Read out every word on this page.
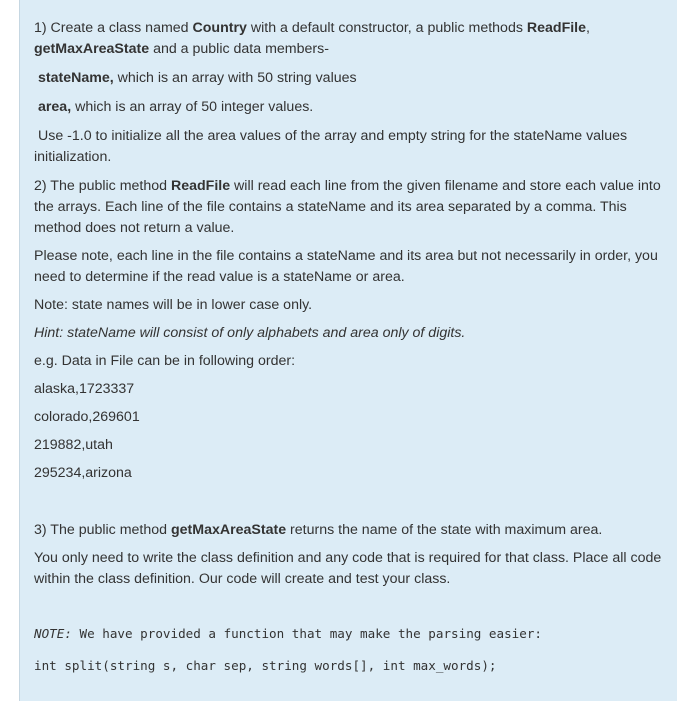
1) Create a class named Country with a default constructor, a public methods ReadFile,
getMaxAreaState and a public data members-
stateName, which is an array with 50 string values
area, which is an array of 50 integer values.
Use -1.0 to initialize all the area values of the array and empty string for the stateName values
initialization.
2) The public method ReadFile will read each line from the given filename and store each value into
the arrays. Each line of the file contains a stateName and its area separated by a comma. This
method does not return a value.
Please note, each line in the file contains a stateName and its area but not necessarily in order, you
need to determine if the read value is a stateName or area.
Note: state names will be in lower case only.
Hint: stateName will consist of only alphabets and area only of digits.
e.g. Data in File can be in following order:
alaska,1723337
colorado,269601
219882,utah
295234,arizona
3) The public method getMaxAreaState returns the name of the state with maximum area.
You only need to write the class definition and any code that is required for that class. Place all code
within the class definition. Our code will create and test your class.
NOTE: We have provided a function that may make the parsing easier:
int split(string s, char sep, string words[], int max_words);
